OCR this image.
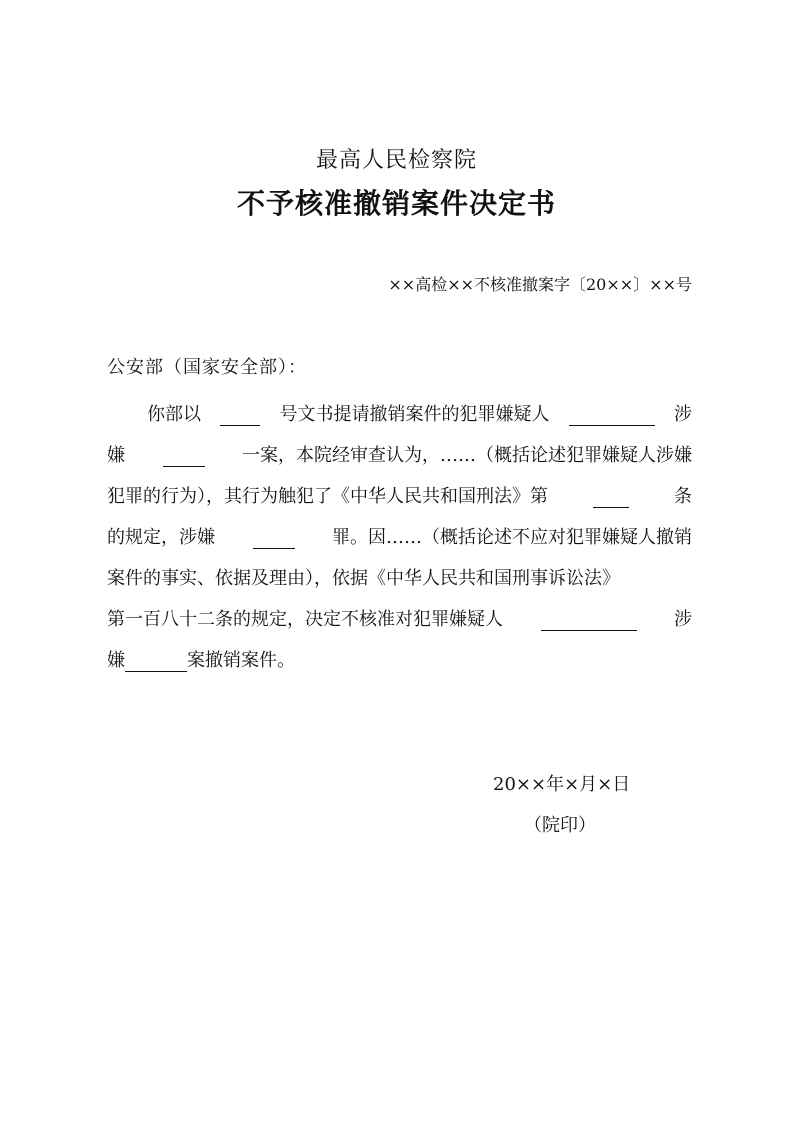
最高人民检察院
不予核准撤销案件决定书
××高检××不核准撤案字〔20××〕××号
公安部（国家安全部）：
你部以	号文书提请撤销案件的犯罪嫌疑人	涉
嫌	一案，本院经审查认为，……（概括论述犯罪嫌疑人涉嫌
犯罪的行为），其行为触犯了《中华人民共和国刑法》第	条
的规定，涉嫌	罪。因……（概括论述不应对犯罪嫌疑人撤销
案件的事实、依据及理由），依据《中华人民共和国刑事诉讼法》
第一百八十二条的规定，决定不核准对犯罪嫌疑人	涉
嫌	案撤销案件。
20××年×月×日
（院印）
